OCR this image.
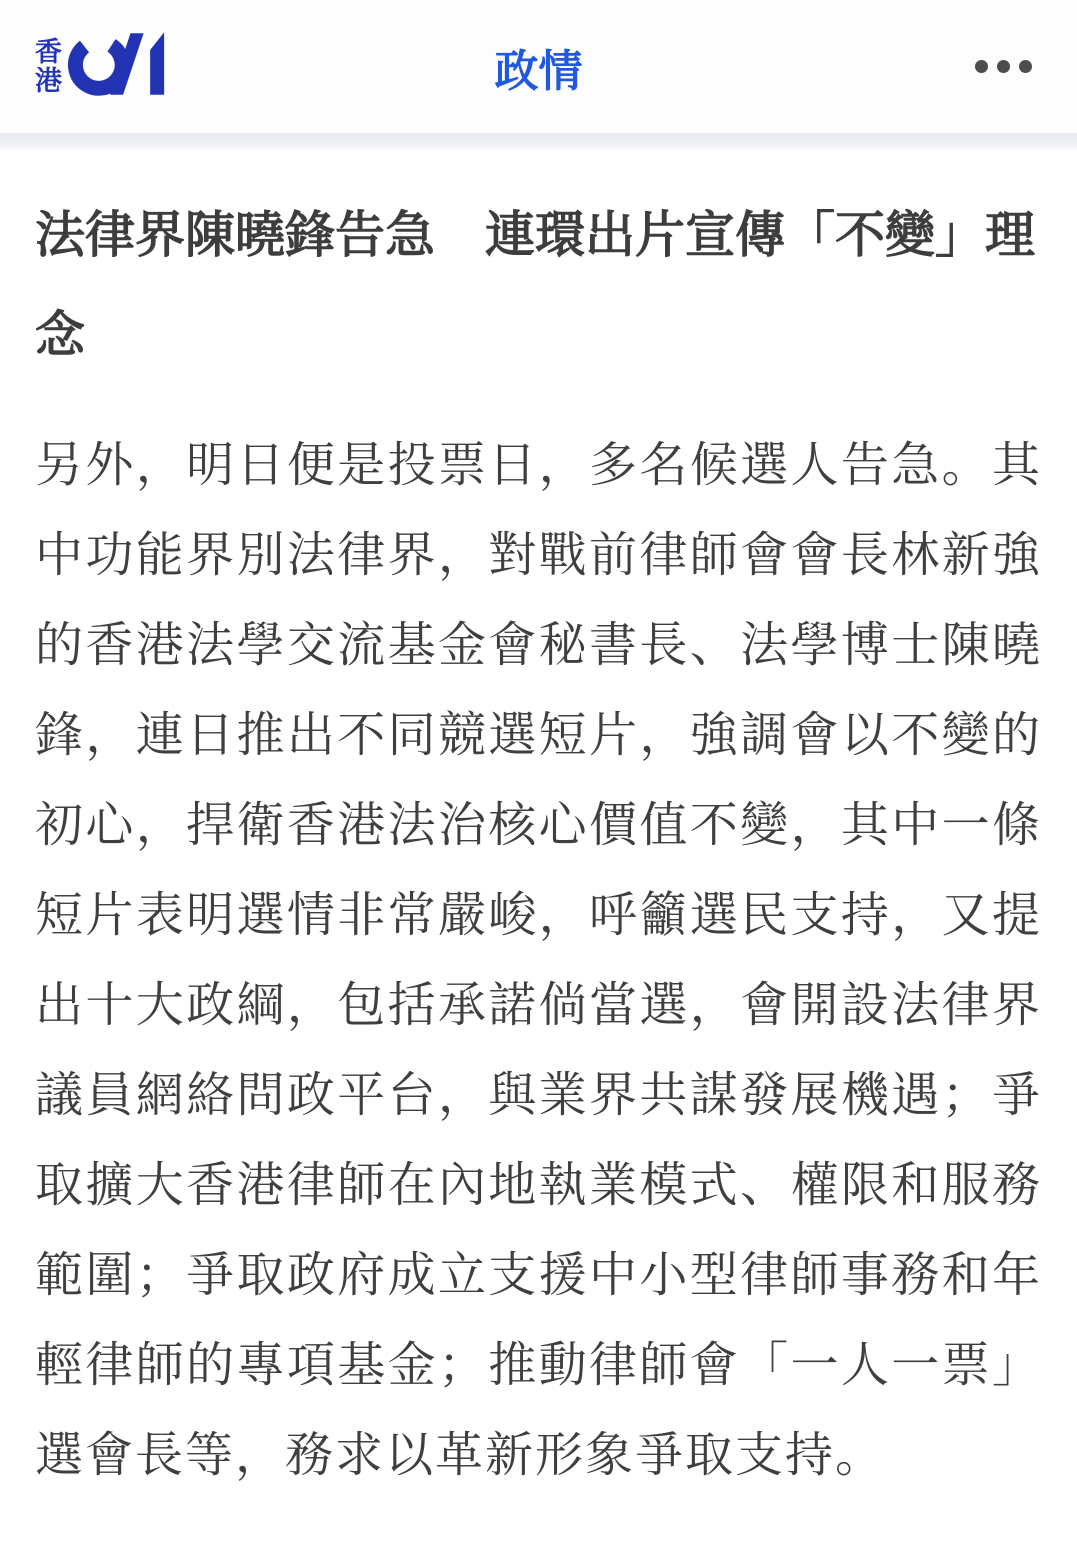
香
港	政情
法律界陳曉鋒告急　連環出片宣傳「不變」理念

另外，明日便是投票日，多名候選人告急。其中功能界別法律界，對戰前律師會會長林新強的香港法學交流基金會秘書長、法學博士陳曉鋒，連日推出不同競選短片，強調會以不變的初心，捍衛香港法治核心價值不變，其中一條短片表明選情非常嚴峻，呼籲選民支持，又提出十大政綱，包括承諾倘當選，會開設法律界議員網絡問政平台，與業界共謀發展機遇；爭取擴大香港律師在內地執業模式、權限和服務範圍；爭取政府成立支援中小型律師事務和年輕律師的專項基金；推動律師會「一人一票」選會長等，務求以革新形象爭取支持。
